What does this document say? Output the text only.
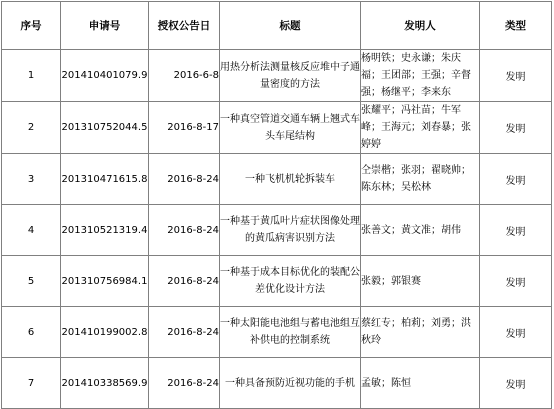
序号	申请号	授权公告日	标题	发明人	类型
1	201410401079.9	2016-6-8	用热分析法测量核反应堆中子通量密度的方法	杨明铁；史永谦；朱庆福；王团部；王强；辛督强；杨继平；李来东	发明
2	201310752044.5	2016-8-17	一种真空管道交通车辆上翘式车头车尾结构	张耀平；冯社苗；牛军峰；王海元；刘春暴；张婷婷	发明
3	201310471615.8	2016-8-24	一种飞机机轮拆装车	仝崇楷；张羽；翟晓帅；陈东林；吴松林	发明
4	201310521319.4	2016-8-24	一种基于黄瓜叶片症状图像处理的黄瓜病害识别方法	张善文；黄文准；胡伟	发明
5	201310756984.1	2016-8-24	一种基于成本目标优化的装配公差优化设计方法	张毅；郭银赛	发明
6	201410199002.8	2016-8-24	一种太阳能电池组与蓄电池组互补供电的控制系统	蔡红专；柏莉；刘勇；洪秋玲	发明
7	201410338569.9	2016-8-24	一种具备预防近视功能的手机	孟敏；陈恒	发明
